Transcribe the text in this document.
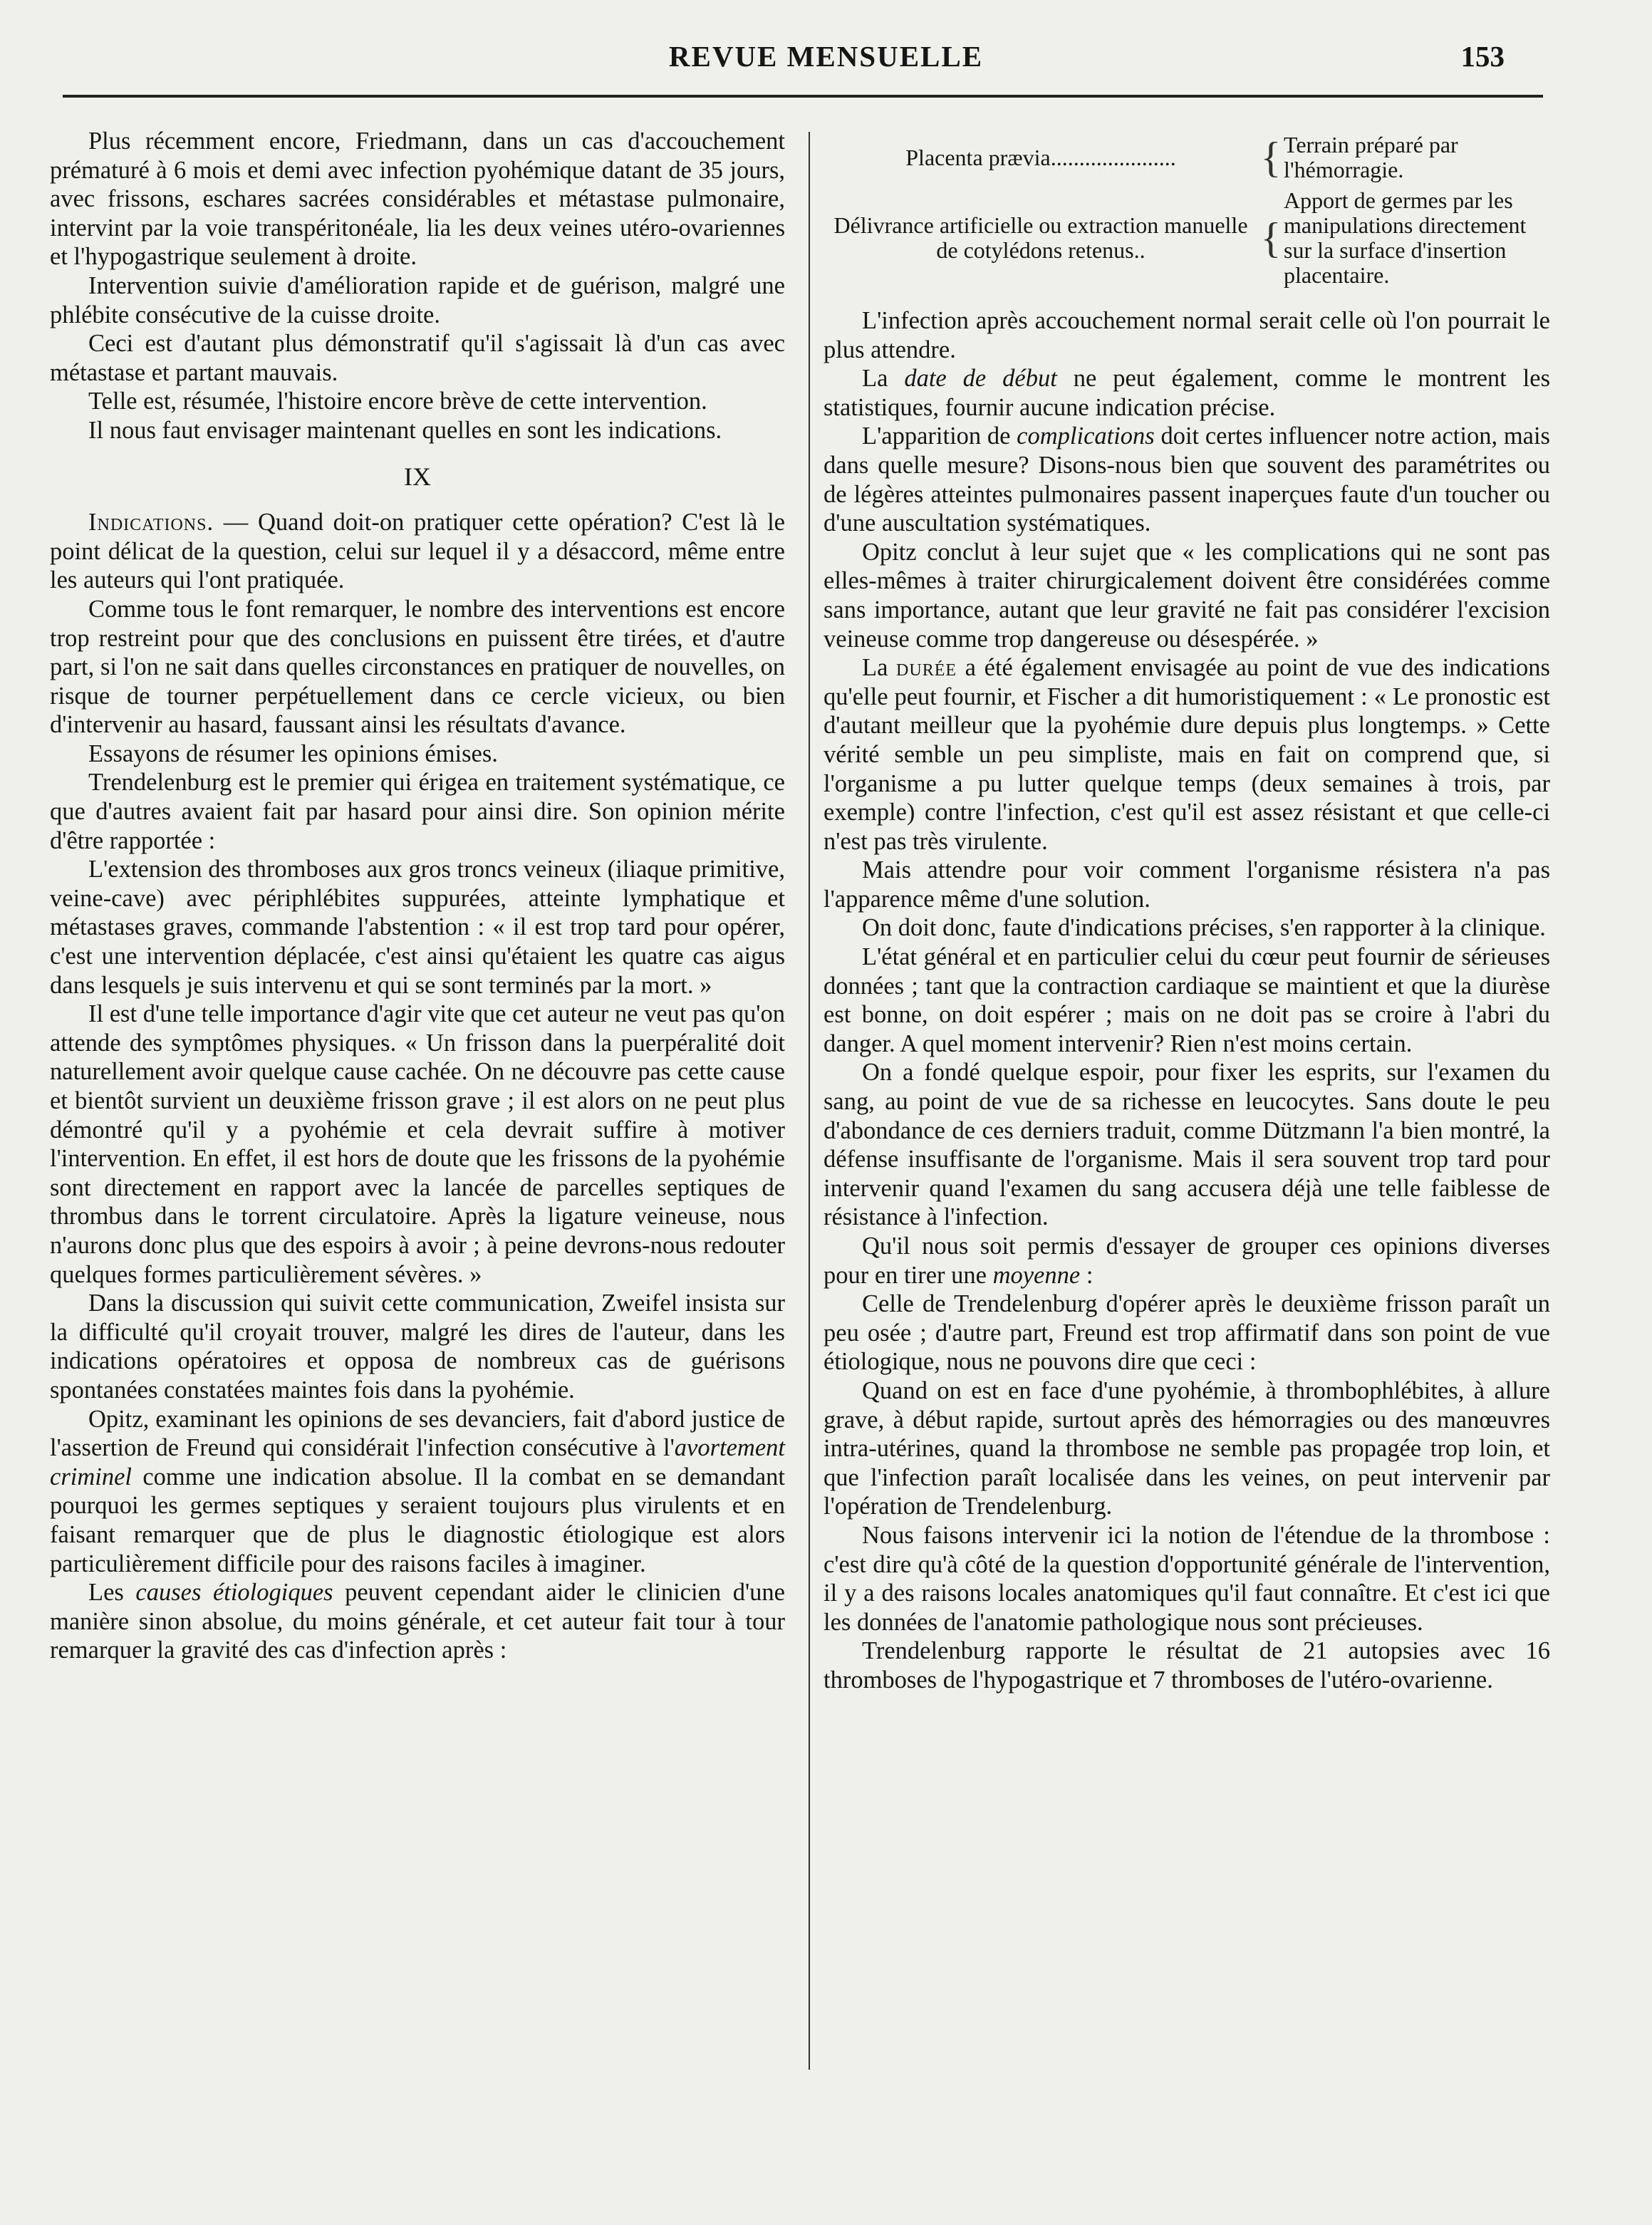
REVUE MENSUELLE	153

Plus récemment encore, Friedmann, dans un cas d'accouchement prématuré à 6 mois et demi avec infection pyohémique datant de 35 jours, avec frissons, eschares sacrées considérables et métastase pulmonaire, intervint par la voie transpéritonéale, lia les deux veines utéro-ovariennes et l'hypogastrique seulement à droite.

Intervention suivie d'amélioration rapide et de guérison, malgré une phlébite consécutive de la cuisse droite.

Ceci est d'autant plus démonstratif qu'il s'agissait là d'un cas avec métastase et partant mauvais.

Telle est, résumée, l'histoire encore brève de cette intervention.

Il nous faut envisager maintenant quelles en sont les indications.

IX

Indications. — Quand doit-on pratiquer cette opération? C'est là le point délicat de la question, celui sur lequel il y a désaccord, même entre les auteurs qui l'ont pratiquée.

Comme tous le font remarquer, le nombre des interventions est encore trop restreint pour que des conclusions en puissent être tirées, et d'autre part, si l'on ne sait dans quelles circonstances en pratiquer de nouvelles, on risque de tourner perpétuellement dans ce cercle vicieux, ou bien d'intervenir au hasard, faussant ainsi les résultats d'avance.

Essayons de résumer les opinions émises.

Trendelenburg est le premier qui érigea en traitement systématique, ce que d'autres avaient fait par hasard pour ainsi dire. Son opinion mérite d'être rapportée :

L'extension des thromboses aux gros troncs veineux (iliaque primitive, veine-cave) avec périphlébites suppurées, atteinte lymphatique et métastases graves, commande l'abstention : « il est trop tard pour opérer, c'est une intervention déplacée, c'est ainsi qu'étaient les quatre cas aigus dans lesquels je suis intervenu et qui se sont terminés par la mort. »

Il est d'une telle importance d'agir vite que cet auteur ne veut pas qu'on attende des symptômes physiques. « Un frisson dans la puerpéralité doit naturellement avoir quelque cause cachée. On ne découvre pas cette cause et bientôt survient un deuxième frisson grave ; il est alors on ne peut plus démontré qu'il y a pyohémie et cela devrait suffire à motiver l'intervention. En effet, il est hors de doute que les frissons de la pyohémie sont directement en rapport avec la lancée de parcelles septiques de thrombus dans le torrent circulatoire. Après la ligature veineuse, nous n'aurons donc plus que des espoirs à avoir ; à peine devrons-nous redouter quelques formes particulièrement sévères. »

Dans la discussion qui suivit cette communication, Zweifel insista sur la difficulté qu'il croyait trouver, malgré les dires de l'auteur, dans les indications opératoires et opposa de nombreux cas de guérisons spontanées constatées maintes fois dans la pyohémie.

Opitz, examinant les opinions de ses devanciers, fait d'abord justice de l'assertion de Freund qui considérait l'infection consécutive à l'avortement criminel comme une indication absolue. Il la combat en se demandant pourquoi les germes septiques y seraient toujours plus virulents et en faisant remarquer que de plus le diagnostic étiologique est alors particulièrement difficile pour des raisons faciles à imaginer.

Les causes étiologiques peuvent cependant aider le clinicien d'une manière sinon absolue, du moins générale, et cet auteur fait tour à tour remarquer la gravité des cas d'infection après :

Placenta prævia......................	{	Terrain préparé par l'hémorragie.
Délivrance artificielle ou extraction manuelle de cotylédons retenus..	{	Apport de germes par les manipulations directement sur la surface d'insertion placentaire.

L'infection après accouchement normal serait celle où l'on pourrait le plus attendre.

La date de début ne peut également, comme le montrent les statistiques, fournir aucune indication précise.

L'apparition de complications doit certes influencer notre action, mais dans quelle mesure? Disons-nous bien que souvent des paramétrites ou de légères atteintes pulmonaires passent inaperçues faute d'un toucher ou d'une auscultation systématiques.

Opitz conclut à leur sujet que « les complications qui ne sont pas elles-mêmes à traiter chirurgicalement doivent être considérées comme sans importance, autant que leur gravité ne fait pas considérer l'excision veineuse comme trop dangereuse ou désespérée. »

La durée a été également envisagée au point de vue des indications qu'elle peut fournir, et Fischer a dit humoristiquement : « Le pronostic est d'autant meilleur que la pyohémie dure depuis plus longtemps. » Cette vérité semble un peu simpliste, mais en fait on comprend que, si l'organisme a pu lutter quelque temps (deux semaines à trois, par exemple) contre l'infection, c'est qu'il est assez résistant et que celle-ci n'est pas très virulente.

Mais attendre pour voir comment l'organisme résistera n'a pas l'apparence même d'une solution.

On doit donc, faute d'indications précises, s'en rapporter à la clinique.

L'état général et en particulier celui du cœur peut fournir de sérieuses données ; tant que la contraction cardiaque se maintient et que la diurèse est bonne, on doit espérer ; mais on ne doit pas se croire à l'abri du danger. A quel moment intervenir? Rien n'est moins certain.

On a fondé quelque espoir, pour fixer les esprits, sur l'examen du sang, au point de vue de sa richesse en leucocytes. Sans doute le peu d'abondance de ces derniers traduit, comme Dützmann l'a bien montré, la défense insuffisante de l'organisme. Mais il sera souvent trop tard pour intervenir quand l'examen du sang accusera déjà une telle faiblesse de résistance à l'infection.

Qu'il nous soit permis d'essayer de grouper ces opinions diverses pour en tirer une moyenne :

Celle de Trendelenburg d'opérer après le deuxième frisson paraît un peu osée ; d'autre part, Freund est trop affirmatif dans son point de vue étiologique, nous ne pouvons dire que ceci :

Quand on est en face d'une pyohémie, à thrombophlébites, à allure grave, à début rapide, surtout après des hémorragies ou des manœuvres intra-utérines, quand la thrombose ne semble pas propagée trop loin, et que l'infection paraît localisée dans les veines, on peut intervenir par l'opération de Trendelenburg.

Nous faisons intervenir ici la notion de l'étendue de la thrombose : c'est dire qu'à côté de la question d'opportunité générale de l'intervention, il y a des raisons locales anatomiques qu'il faut connaître. Et c'est ici que les données de l'anatomie pathologique nous sont précieuses.

Trendelenburg rapporte le résultat de 21 autopsies avec 16 thromboses de l'hypogastrique et 7 thromboses de l'utéro-ovarienne.
